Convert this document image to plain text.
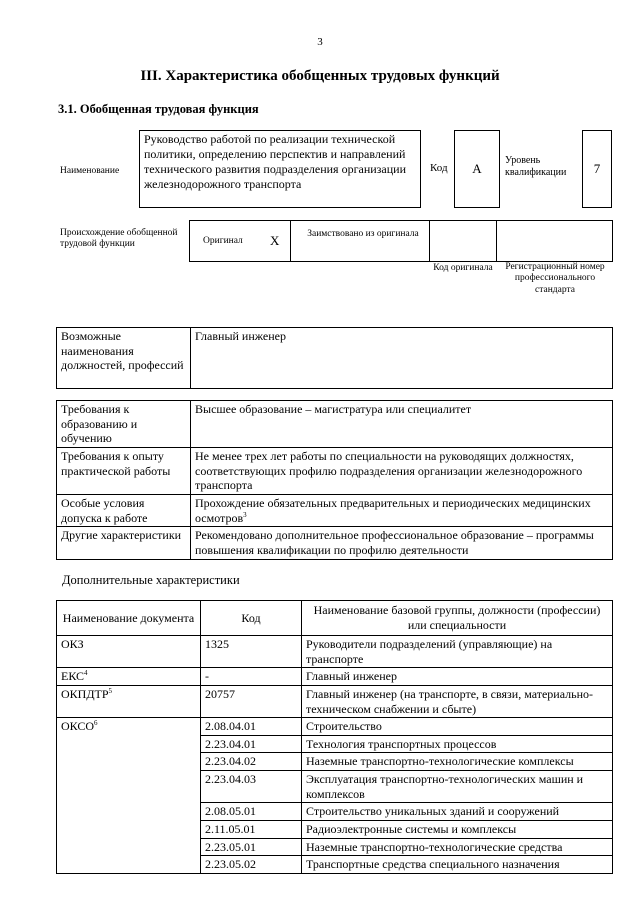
3
III. Характеристика обобщенных трудовых функций
3.1. Обобщенная трудовая функция
Наименование
Руководство работой по реализации технической политики, определению перспектив и направлений технического развития подразделения организации железнодорожного транспорта
Код	A
Уровень квалификации	7
Происхождение обобщенной трудовой функции	Оригинал X	Заимствовано из оригинала
Код оригинала	Регистрационный номер профессионального стандарта
Возможные наименования должностей, профессий	Главный инженер
Требования к образованию и обучению	Высшее образование – магистратура или специалитет
Требования к опыту практической работы	Не менее трех лет работы по специальности на руководящих должностях, соответствующих профилю подразделения организации железнодорожного транспорта
Особые условия допуска к работе	Прохождение обязательных предварительных и периодических медицинских осмотров$^3$
Другие характеристики	Рекомендовано дополнительное профессиональное образование – программы повышения квалификации по профилю деятельности
Дополнительные характеристики
Наименование документа	Код	Наименование базовой группы, должности (профессии) или специальности
ОКЗ	1325	Руководители подразделений (управляющие) на транспорте
ЕКС$^4$	-	Главный инженер
ОКПДТР$^5$	20757	Главный инженер (на транспорте, в связи, материально-техническом снабжении и сбыте)
ОКСО$^6$	2.08.04.01	Строительство
	2.23.04.01	Технология транспортных процессов
	2.23.04.02	Наземные транспортно-технологические комплексы
	2.23.04.03	Эксплуатация транспортно-технологических машин и комплексов
	2.08.05.01	Строительство уникальных зданий и сооружений
	2.11.05.01	Радиоэлектронные системы и комплексы
	2.23.05.01	Наземные транспортно-технологические средства
	2.23.05.02	Транспортные средства специального назначения
